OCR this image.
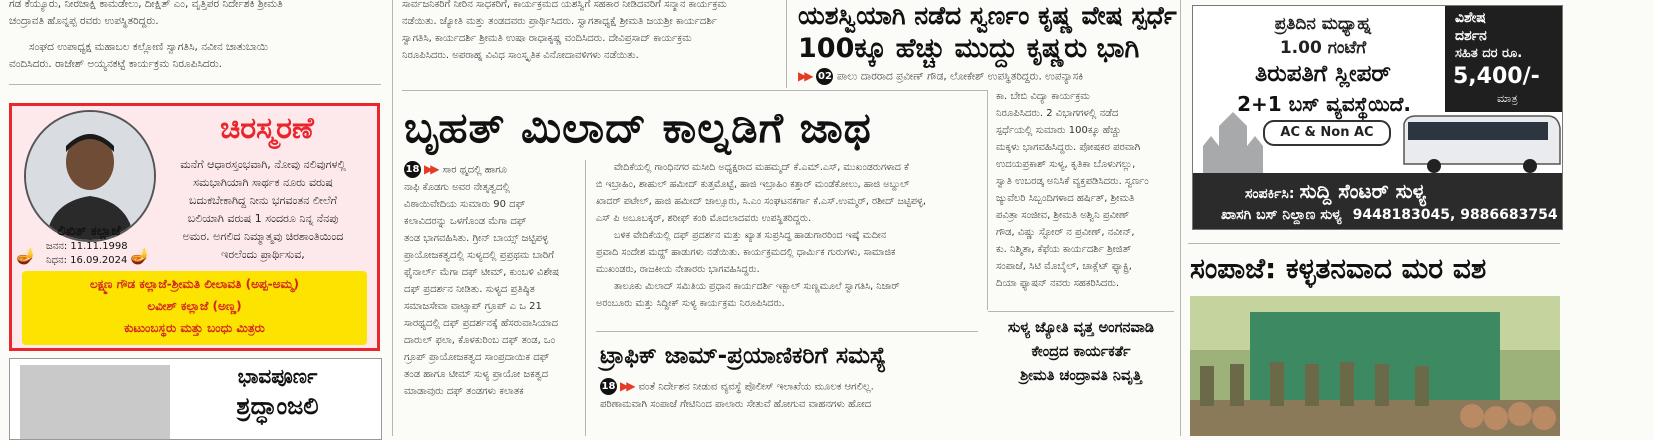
ಗಡ ಕೆಯ್ಯೂರು, ನೀರಜಾಕ್ಷಿ ಕಾಮಡೇಲು, ದೀಕ್ಷಿತ್ ಎಂ, ವೃತ್ತಿಪರ ನಿರ್ದೇಶಕಿ ಶ್ರೀಮತಿ

ಚಂದ್ರಾವತಿ ಹೊನ್ನಪ್ಪ ರವರು ಉಪಸ್ಥಿತರಿದ್ದರು.

ಸಂಘದ ಉಪಾಧ್ಯಕ್ಷ ಮಹಾಬಲ ಕಲ್ಲೋಣಿ ಸ್ವಾಗತಿಸಿ, ನವೀನ ಚಾತುಬಾಯಿ

ವಂದಿಸಿದರು. ರಾಜೇಶ್ ಅಯ್ಯನಕಟ್ಟೆ ಕಾರ್ಯಕ್ರಮ ನಿರೂಪಿಸಿದರು.

ಚಿರಸ್ಮರಣೆ
ಮನೆಗೆ ಆಧಾರಸ್ತಂಭವಾಗಿ, ನೋವು ನಲಿವುಗಳಲ್ಲಿ
ಸಮಭಾಗಿಯಾಗಿ ಸಾರ್ಥಕ ನೂರು ವರುಷ
ಬದುಕಬೇಕಾಗಿದ್ದ ನೀನು ಭಗವಂತನ ಲೀಲೆಗೆ
ಬಲಿಯಾಗಿ ವರುಷ 1 ಸಂದರೂ ನಿನ್ನ ನೆನಪು
ಅಮರ. ಅಗಲಿದ ನಿಮ್ಮಾತ್ಮವು ಚಿರಶಾಂತಿಯಿಂದ
ಇರಲೆಂದು ಪ್ರಾರ್ಥಿಸುವ,
ಲಿಖಿತ್ ಕಲ್ಲಾಜೆ
🪔	🪔
ಜನನ: 11.11.1998
ನಿಧನ: 16.09.2024
ಲಕ್ಷ್ಮಣ ಗೌಡ ಕಲ್ಲಾಜೆ-ಶ್ರೀಮತಿ ಲೀಲಾವತಿ (ಅಪ್ಪ-ಅಮ್ಮ)
ಲವೀಶ್ ಕಲ್ಲಾಜೆ (ಅಣ್ಣ)
ಕುಟುಂಬಸ್ಥರು ಮತ್ತು ಬಂಧು ಮಿತ್ರರು
ಭಾವಪೂರ್ಣ
ಶ್ರದ್ಧಾಂಜಲಿ

ಸಾರ್ವಜನಿಕರಿಗೆ ನೀರಿನ ಸಾಧಕರಿಗೆ, ಕಾರ್ಯಕ್ರಮದ ಯಶಸ್ವಿಗೆ ಸಹಕಾರ ನೀಡಿದವರಿಗೆ ಸನ್ಮಾನ ಕಾರ್ಯಕ್ರಮ

ನಡೆಯಿತು. ಜ್ಯೋತಿ ಮತ್ತು ತಂಡದವರು ಪ್ರಾರ್ಥಿಸಿದರು. ಸ್ವಾಗತಾಧ್ಯಕ್ಷೆ ಶ್ರೀಮತಿ ಜಯಶ್ರೀ ಕಾರ್ಯದರ್ಶಿ

ಸ್ವಾಗತಿಸಿ, ಕಾರ್ಯದರ್ಶಿ ಶ್ರೀಮತಿ ಉಷಾ ರಾಧಾಕೃಷ್ಣ ವಂದಿಸಿದರು. ದೇವಿಪ್ರಸಾದ್ ಕಾರ್ಯಕ್ರಮ

ನಿರೂಪಿಸಿದರು. ಅಪರಾಹ್ನ ವಿವಿಧ ಸಾಂಸ್ಕೃತಿಕ ವಿನೋದಾವಳಿಗಳು ನಡೆಯಿತು.

ಯಶಸ್ವಿಯಾಗಿ ನಡೆದ ಸ್ವರ್ಣಂ ಕೃಷ್ಣ ವೇಷ ಸ್ಪರ್ಧೆ
100ಕ್ಕೂ ಹೆಚ್ಚು ಮುದ್ದು ಕೃಷ್ಣರು ಭಾಗಿ
▶▶ 02 ಪಾಲು ದಾರರಾದ ಪ್ರವೀಣ್ ಗೌಡ, ಲೋಕೇಶ್ ಉಪಸ್ಥಿತರಿದ್ದರು. ಉಪನ್ಯಾಸಕಿ

ಕಾ. ಬೇಬಿ ವಿದ್ಯಾ ಕಾರ್ಯಕ್ರಮ

ನಿರೂಪಿಸಿದರು. 2 ವಿಭಾಗಗಳಲ್ಲಿ ನಡೆದ

ಸ್ಪರ್ಧೆಯಲ್ಲಿ ಸುಮಾರು 100ಕ್ಕೂ ಹೆಚ್ಚು

ಮಕ್ಕಳು ಭಾಗವಹಿಸಿದ್ದರು. ಪೋಷಕರ ಪರವಾಗಿ

ಉದಯಪ್ರಕಾಶ್ ಸುಳ್ಯ, ಕೃತಿಕಾ ಬೊಳುಗಲ್ಲು,

ಸ್ವಾತಿ ಉಬರಡ್ಕ ಅನಿಸಿಕೆ ವ್ಯಕ್ತಪಡಿಸಿದರು. ಸ್ವರ್ಣಂ

ಜ್ಯುವೆಲರಿ ಸಿಬ್ಬಂದಿಗಳಾದ ಹರ್ಷಿತ್, ಶ್ರೀಮತಿ

ಪವಿತ್ರಾ ಸಂಜೀವ, ಶ್ರೀಮತಿ ಅಶ್ವಿನಿ ಪ್ರವೀಣ್

ಗೌಡ, ವಿಷ್ಣು ಸ್ಟೋರ್ ನ ಪ್ರವೀಣ್, ನವೀನ್,

ಕು. ನಿಶ್ಮಿತಾ, ಕೆಫೆಯ ಕಾರ್ಯದರ್ಶಿ ಶ್ರೀಜಿತ್

ಸಂಪಾಜೆ, ಸಿಟಿ ಮೊಬೈಲ್, ಚಾಕ್ಲೆಟ್ ಫ್ಯಾಕ್ಟ್ರಿ,

ದಿಯಾ ಫ್ಯಾಷನ್ ನವರು ಸಹಕರಿಸಿದರು.

ಬೃಹತ್ ಮಿಲಾದ್ ಕಾಲ್ನಡಿಗೆ ಜಾಥ

18 ▶▶ ಸಾರ ಥ್ಮದಲ್ಲಿ ಹಾಗೂ

ನಾಫಿ ಕೊಡಗು ಅವರ ನೇತೃತ್ವದಲ್ಲಿ

ವಿಠಾಯಿವೇದಿಯ ಸುಮಾರು 90 ದಫ್

ಕಲಾವಿದರನ್ನು ಒಳಗೊಂಡ ಮೆಗಾ ದಫ್

ತಂಡ ಭಾಗವಹಿಸಿತು. ಗ್ರೀನ್ ಬಾಯ್ಸ್ ಜಟ್ಟಿಪಳ್ಳ

ಪ್ರಾಯೋಜಕತ್ವದಲ್ಲಿ ಸುಳ್ಯದಲ್ಲಿ ಪ್ರಪ್ರಥಮ ಬಾರಿಗೆ

ಫೈನಾರ್ಲ್ ಮೆಗಾ ದಫ್ ಟೀಮ್, ಕುಂಬಳಿ ವಿಶೇಷ

ದಫ್ ಪ್ರದರ್ಶನ ನೀಡಿತು. ಸುಳ್ಯದ ಪ್ರತಿಷ್ಠಿತ

ಸಮಾಜಸೇವಾ ವಾಟ್ಸಾಪ್ ಗ್ರೂಪ್ ಎ ಒ 21

ಸಾರಥ್ಯದಲ್ಲಿ ದಫ್ ಪ್ರದರ್ಶನಕ್ಕೆ ಹೆಸರುವಾಸಿಯಾದ

ದಾರುಲ್ ಫಲಾ, ಕೊಳಕುರಿಂಬ ದಫ್ ತಂಡ, ಒಂ

ಗ್ರೂಪ್ ಪ್ರಾಯೋಜಕತ್ವದ ಸಾಂಪ್ರದಾಯಿಕ ದಫ್

ತಂಡ ಹಾಗೂ ಟೀಮ್ ಸುಳ್ಯ ಪ್ರಾಯೋ ಜಕತ್ವದ

ಮಾಡಾವುರು ದಫ್ ತಂಡಗಳು ಕಲಾತಕ

ವೇದಿಕೆಯಲ್ಲಿ ಗಾಂಧಿನಗರ ಮಸೀದಿ ಅಧ್ಯಕ್ಷರಾದ ಮಹಮ್ಮದ್ ಕೆ.ಎಮ್.ಎಸ್, ಮುಖಂಡರುಗಳಾದ ಕೆ

ಬಿ ಇಬ್ರಾಹಿಂ, ಶಾಹುಲ್ ಹಮೀದ್ ಕುತ್ತಮೊಟ್ಟೆ, ಹಾಜಿ ಇಬ್ರಾಹಿಂ ಕತ್ತಾರ್ ಮಂಡೆಕೋಲು, ಹಾಜಿ ಅಬ್ದುಲ್

ಖಾದರ್ ಪಟೇಲ್, ಹಾಜಿ ಹಮೀದ್ ಜಾಲ್ಸೂರು, ಸಿ.ಎಂ ಸಂಘಟನಕರ್ಗಾ ಕೆ.ಎಸ್.ಉಮ್ಮರ್, ರಶೀದ್ ಜಟ್ಟಿಪಳ್ಳ,

ಎಸ್ ಪಿ ಅಬೂಬಕ್ಕರ್, ಶರೀಫ್ ಕಂಠಿ ಮೊದಲಾದವರು ಉಪಸ್ಥಿತರಿದ್ದರು.

ಬಳಿಕ ವೇದಿಕೆಯಲ್ಲಿ ದಫ್ ಪ್ರದರ್ಶನ ಮತ್ತು ಖ್ಯಾತ ಸುಪ್ರಸಿದ್ಧ ಹಾಡುಗಾರರಿಂದ ಇಷ್ಕೆ ಮದೀನ

ಪ್ರವಾದಿ ಸಂದೇಶ ಮದ್ಹ್ ಹಾಡುಗಳು ನಡೆಯಿತು. ಕಾರ್ಯಕ್ರಮದಲ್ಲಿ ಧಾರ್ಮಿಕ ಗುರುಗಳು, ಸಾಮಾಜಿಕ

ಮುಖಂಡರು, ರಾಜಕೀಯ ನೇತಾರರು ಭಾಗವಹಿಸಿದ್ದರು.

ತಾಲೂಕು ಮಿಲಾದ್ ಸಮಿತಿಯ ಪ್ರಧಾನ ಕಾರ್ಯದರ್ಶಿ ಇಕ್ಬಾಲ್ ಸುಣ್ಣಮೂಲೆ ಸ್ವಾಗತಿಸಿ, ನಿಜಾರ್

ಅರಂಬೂರು ಮತ್ತು ಸಿದ್ದೀಕ್ ಸುಳ್ಯ ಕಾರ್ಯಕ್ರಮ ನಿರೂಪಿಸಿದರು.

ಟ್ರಾಫಿಕ್ ಜಾಮ್-ಪ್ರಯಾಣಿಕರಿಗೆ ಸಮಸ್ಯೆ

18 ▶▶ ವಂತೆ ನಿರ್ದೇಶನ ನೀಡುವ ವ್ಯವಸ್ಥೆ ಪೊಲೀಸ್ ಇಲಾಖೆಯ ಮೂಲಕ ಆಗಲಿಲ್ಲ.

ಪರಿಣಾಮವಾಗಿ ಸಂಪಾಜೆ ಗೇಟಿನಿಂದ ಪಾಲಾರು ಸೇತುವೆ ಹೋಗುವ ವಾಹನಗಳು ಹೋದ

ಸುಳ್ಯ ಜ್ಯೋತಿ ವೃತ್ತ ಅಂಗನವಾಡಿ
ಕೇಂದ್ರದ ಕಾರ್ಯಕರ್ತೆ
ಶ್ರೀಮತಿ ಚಂದ್ರಾವತಿ ನಿವೃತ್ತಿ
ಪ್ರತಿದಿನ ಮಧ್ಯಾಹ್ನ
1.00 ಗಂಟೆಗೆ
ತಿರುಪತಿಗೆ ಸ್ಲೀಪರ್
2+1 ಬಸ್ ವ್ಯವಸ್ಥೆಯಿದೆ.
ವಿಶೇಷ
ದರ್ಶನ
ಸಹಿತ ದರ ರೂ.
5,400/-
ಮಾತ್ರ
AC & Non AC
ಸಂಪರ್ಕಿಸಿ: ಸುದ್ದಿ ಸೆಂಟರ್ ಸುಳ್ಯ
ಖಾಸಗಿ ಬಸ್ ನಿಲ್ದಾಣ ಸುಳ್ಯ 9448183045, 9886683754
ಸಂಪಾಜೆ: ಕಳ್ಳತನವಾದ ಮರ ವಶ
